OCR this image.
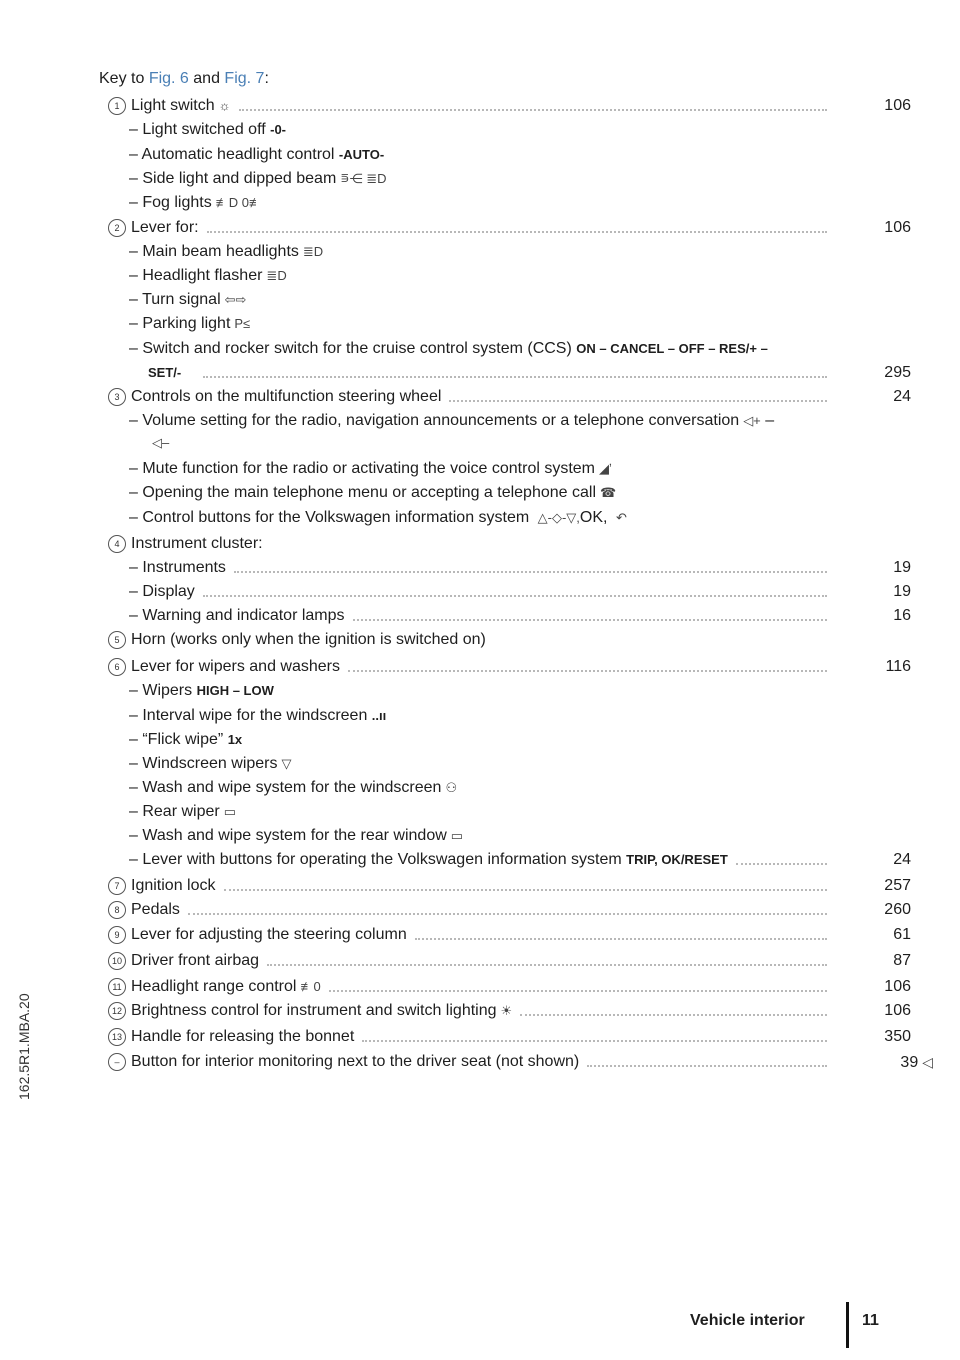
Key to Fig. 6 and Fig. 7:
1 Light switch ☼	106
– Light switched off -0-
– Automatic headlight control -AUTO-
– Side light and dipped beam ⋾⋲ ≣D
– Fog lights ≢D 0≢
2 Lever for:	106
– Main beam headlights ≣D
– Headlight flasher ≣D
– Turn signal ⇦⇨
– Parking light P≤
– Switch and rocker switch for the cruise control system (CCS) ON – CANCEL – OFF – RES/+ –
SET/-	295
3 Controls on the multifunction steering wheel	24
– Volume setting for the radio, navigation announcements or a telephone conversation ◁+ –
◁–
– Mute function for the radio or activating the voice control system ◢ʼ
– Opening the main telephone menu or accepting a telephone call ☎
– Control buttons for the Volkswagen information system △-◇-▽,OK, ↶
4 Instrument cluster:
– Instruments	19
– Display	19
– Warning and indicator lamps	16
5 Horn (works only when the ignition is switched on)
6 Lever for wipers and washers	116
– Wipers HIGH – LOW
– Interval wipe for the windscreen ..ıı
– “Flick wipe” 1x
– Windscreen wipers ▽
– Wash and wipe system for the windscreen ⚇
– Rear wiper ▭
– Wash and wipe system for the rear window ▭
– Lever with buttons for operating the Volkswagen information system TRIP, OK/RESET	24
7 Ignition lock	257
8 Pedals	260
9 Lever for adjusting the steering column	61
10 Driver front airbag	87
11 Headlight range control ≢0	106
12 Brightness control for instrument and switch lighting ☀	106
13 Handle for releasing the bonnet	350
– Button for interior monitoring next to the driver seat (not shown)	39 ◁
162.5R1.MBA.20
Vehicle interior	11
